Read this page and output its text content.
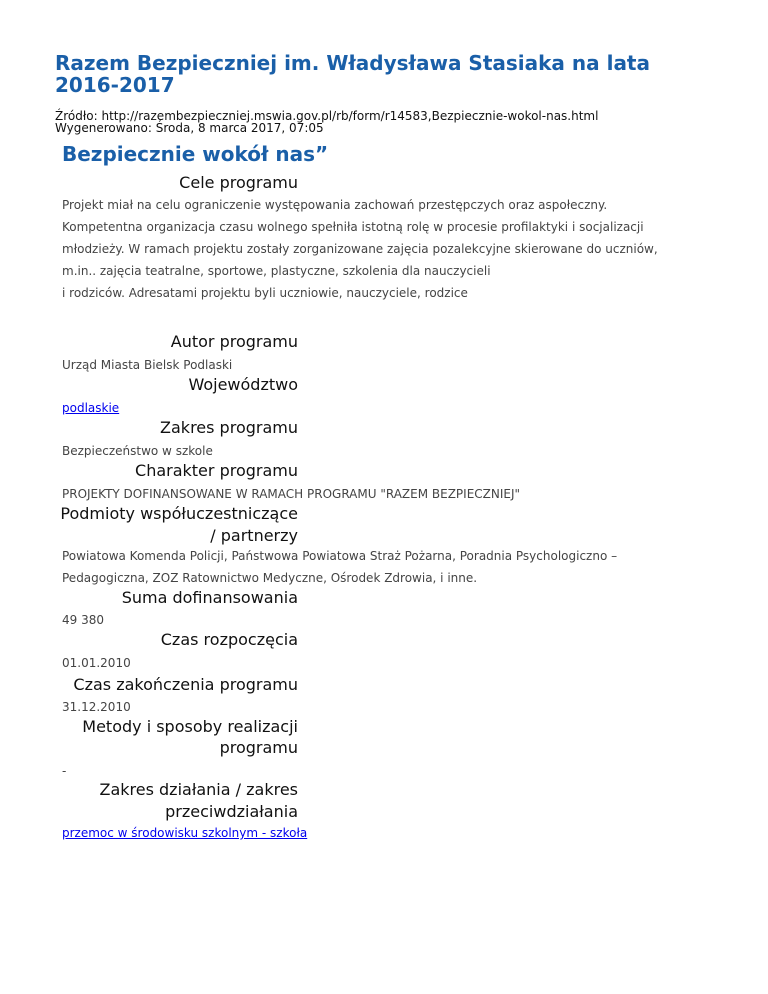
Razem Bezpieczniej im. Władysława Stasiaka na lata 2016-2017
Źródło: http://razembezpieczniej.mswia.gov.pl/rb/form/r14583,Bezpiecznie-wokol-nas.html
Wygenerowano: Środa, 8 marca 2017, 07:05
Bezpiecznie wokół nas”
Cele programu
Projekt miał na celu ograniczenie występowania zachowań przestępczych oraz aspołeczny.
Kompetentna organizacja czasu wolnego spełniła istotną rolę w procesie profilaktyki i socjalizacji
młodzieży. W ramach projektu zostały zorganizowane zajęcia pozalekcyjne skierowane do uczniów,
m.in.. zajęcia teatralne, sportowe, plastyczne, szkolenia dla nauczycieli
i rodziców. Adresatami projektu byli uczniowie, nauczyciele, rodzice
Autor programu
Urząd Miasta Bielsk Podlaski
Województwo
podlaskie
Zakres programu
Bezpieczeństwo w szkole
Charakter programu
PROJEKTY DOFINANSOWANE W RAMACH PROGRAMU "RAZEM BEZPIECZNIEJ"
Podmioty współuczestniczące
/ partnerzy
Powiatowa Komenda Policji, Państwowa Powiatowa Straż Pożarna, Poradnia Psychologiczno –
Pedagogiczna, ZOZ Ratownictwo Medyczne, Ośrodek Zdrowia, i inne.
Suma dofinansowania
49 380
Czas rozpoczęcia
01.01.2010
Czas zakończenia programu
31.12.2010
Metody i sposoby realizacji
programu
-
Zakres działania / zakres
przeciwdziałania
przemoc w środowisku szkolnym - szkoła
